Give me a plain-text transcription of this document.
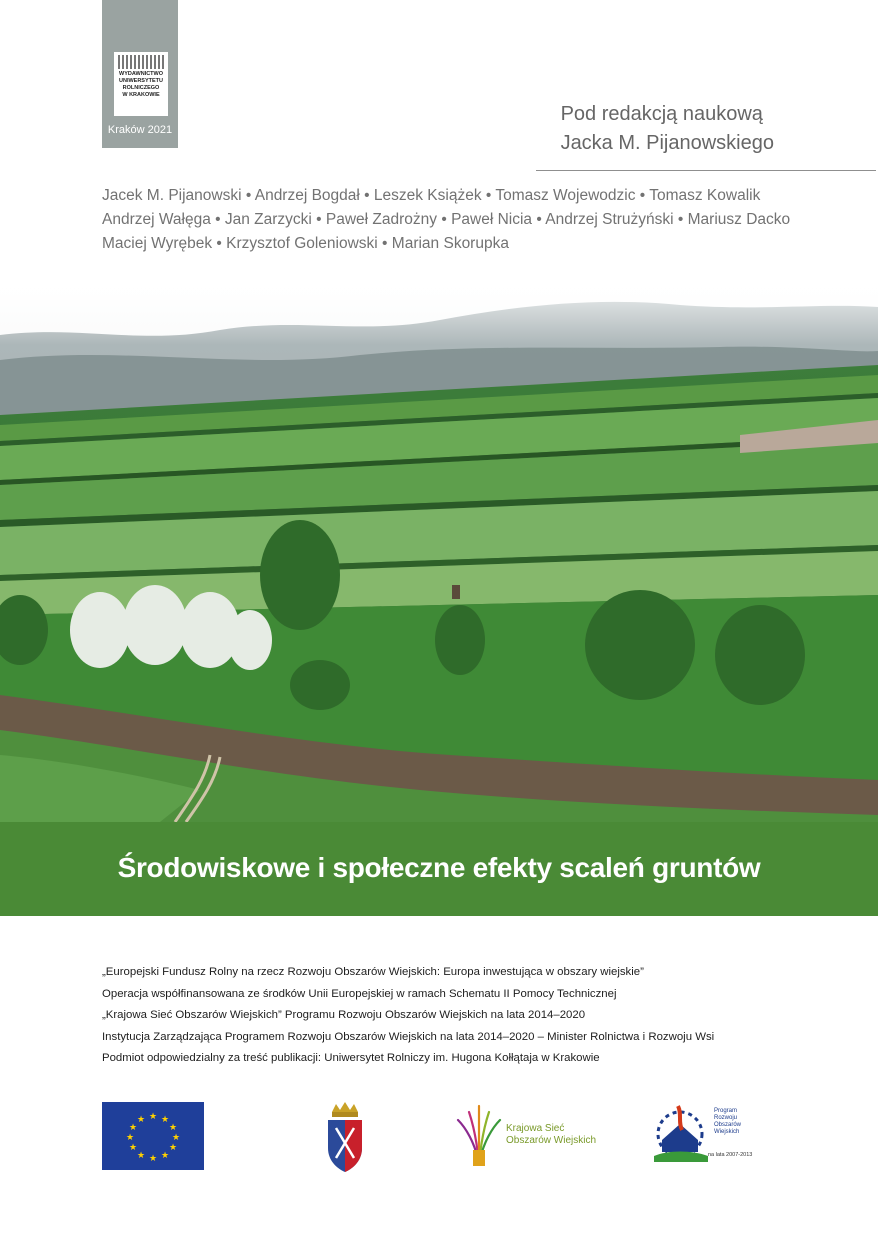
WYDAWNICTWO
UNIWERSYTETU
ROLNICZEGO
W KRAKOWIE
Kraków 2021
Pod redakcją naukową
Jacka M. Pijanowskiego
Jacek M. Pijanowski • Andrzej Bogdał • Leszek Książek • Tomasz Wojewodzic • Tomasz Kowalik
Andrzej Wałęga • Jan Zarzycki • Paweł Zadrożny • Paweł Nicia • Andrzej Strużyński • Mariusz Dacko
Maciej Wyrębek • Krzysztof Goleniowski • Marian Skorupka
Środowiskowe i społeczne efekty scaleń gruntów
„Europejski Fundusz Rolny na rzecz Rozwoju Obszarów Wiejskich: Europa inwestująca w obszary wiejskie”
Operacja współfinansowana ze środków Unii Europejskiej w ramach Schematu II Pomocy Technicznej
„Krajowa Sieć Obszarów Wiejskich” Programu Rozwoju Obszarów Wiejskich na lata 2014–2020
Instytucja Zarządzająca Programem Rozwoju Obszarów Wiejskich na lata 2014–2020 – Minister Rolnictwa i Rozwoju Wsi
Podmiot odpowiedzialny za treść publikacji: Uniwersytet Rolniczy im. Hugona Kołłątaja w Krakowie
★ ★
★
★
★
★
★
★
★
★
★
★
Krajowa Sieć
Obszarów Wiejskich
Program
Rozwoju
Obszarów
Wiejskich
na lata 2007-2013
